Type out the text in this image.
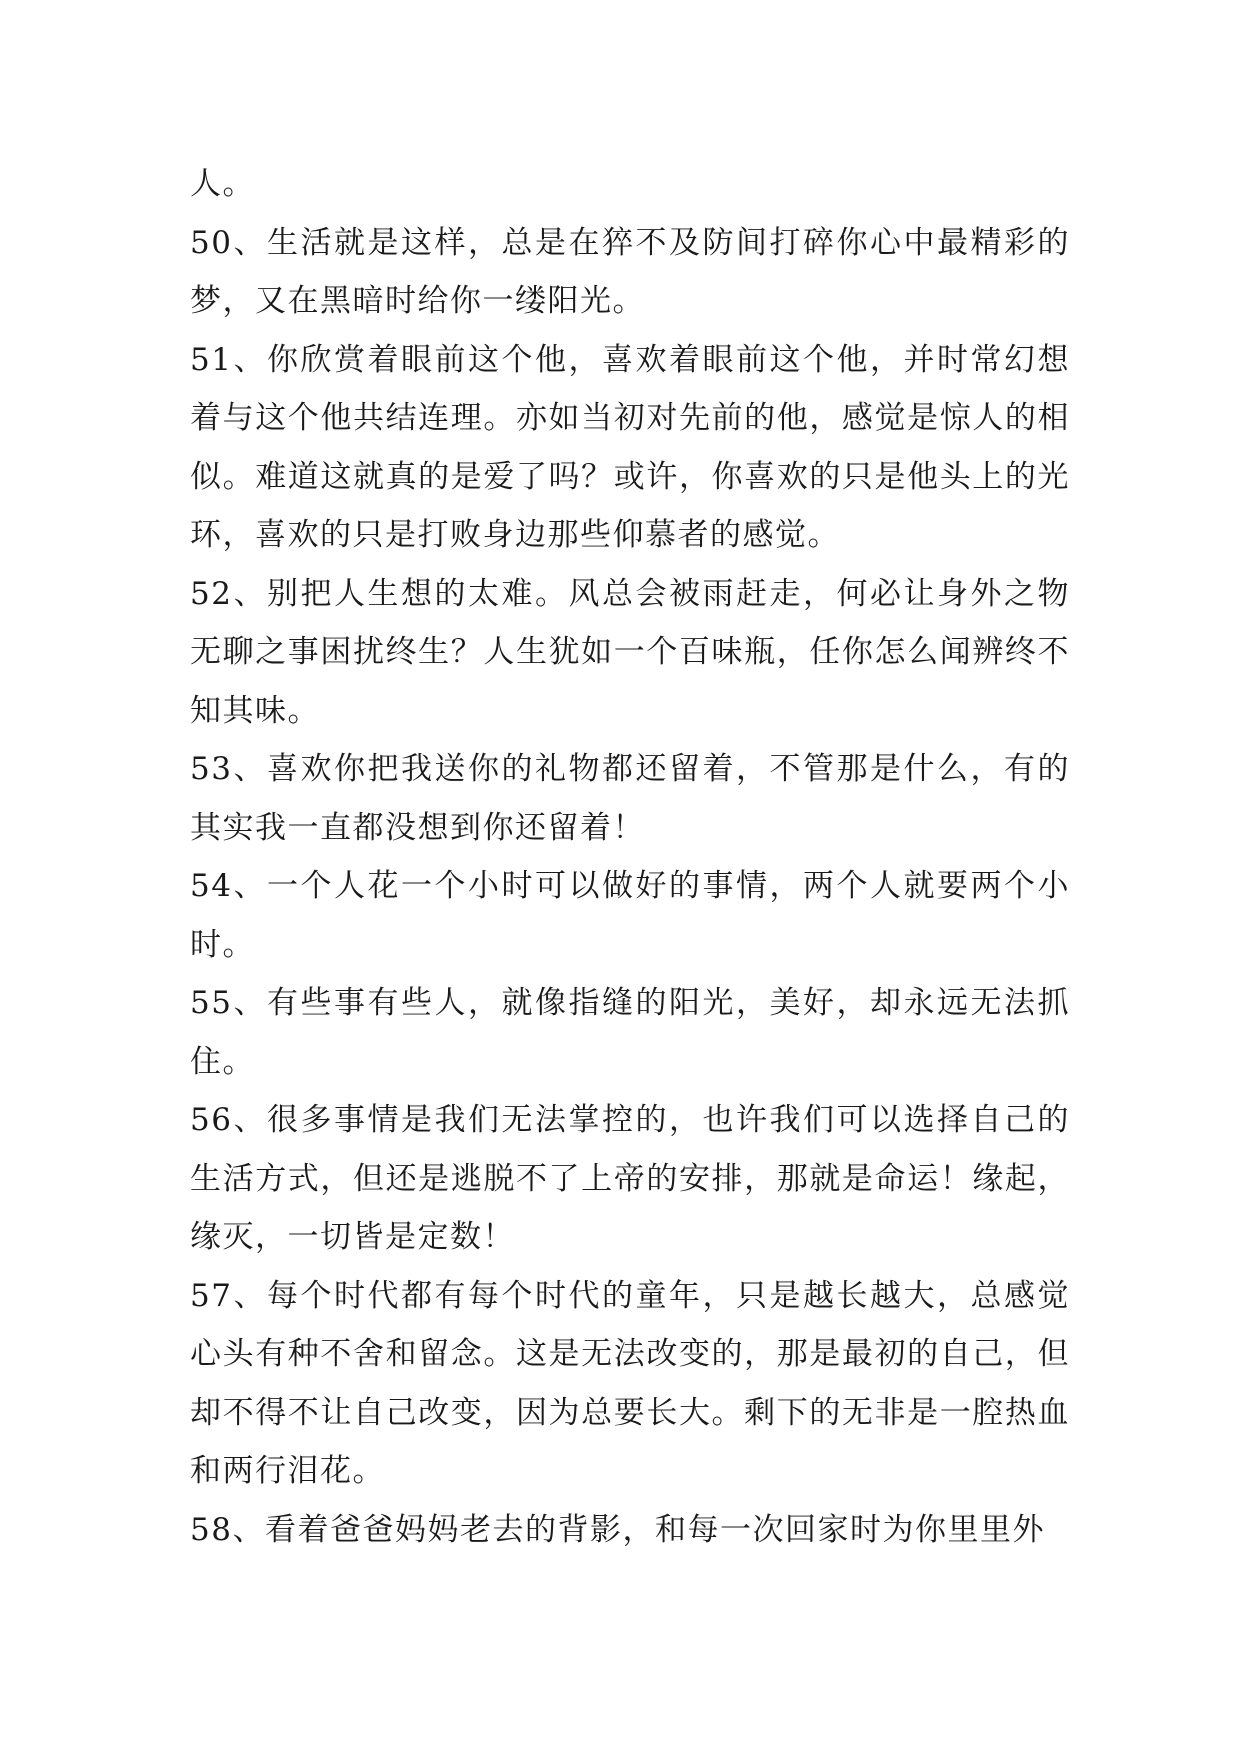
人。

50、生活就是这样，总是在猝不及防间打碎你心中最精彩的梦，又在黑暗时给你一缕阳光。

51、你欣赏着眼前这个他，喜欢着眼前这个他，并时常幻想着与这个他共结连理。亦如当初对先前的他，感觉是惊人的相似。难道这就真的是爱了吗？或许，你喜欢的只是他头上的光环，喜欢的只是打败身边那些仰慕者的感觉。

52、别把人生想的太难。风总会被雨赶走，何必让身外之物无聊之事困扰终生？人生犹如一个百味瓶，任你怎么闻辨终不知其味。

53、喜欢你把我送你的礼物都还留着，不管那是什么，有的其实我一直都没想到你还留着！

54、一个人花一个小时可以做好的事情，两个人就要两个小时。

55、有些事有些人，就像指缝的阳光，美好，却永远无法抓住。

56、很多事情是我们无法掌控的，也许我们可以选择自己的生活方式，但还是逃脱不了上帝的安排，那就是命运！缘起，缘灭，一切皆是定数！

57、每个时代都有每个时代的童年，只是越长越大，总感觉心头有种不舍和留念。这是无法改变的，那是最初的自己，但却不得不让自己改变，因为总要长大。剩下的无非是一腔热血和两行泪花。

58、看着爸爸妈妈老去的背影，和每一次回家时为你里里外
